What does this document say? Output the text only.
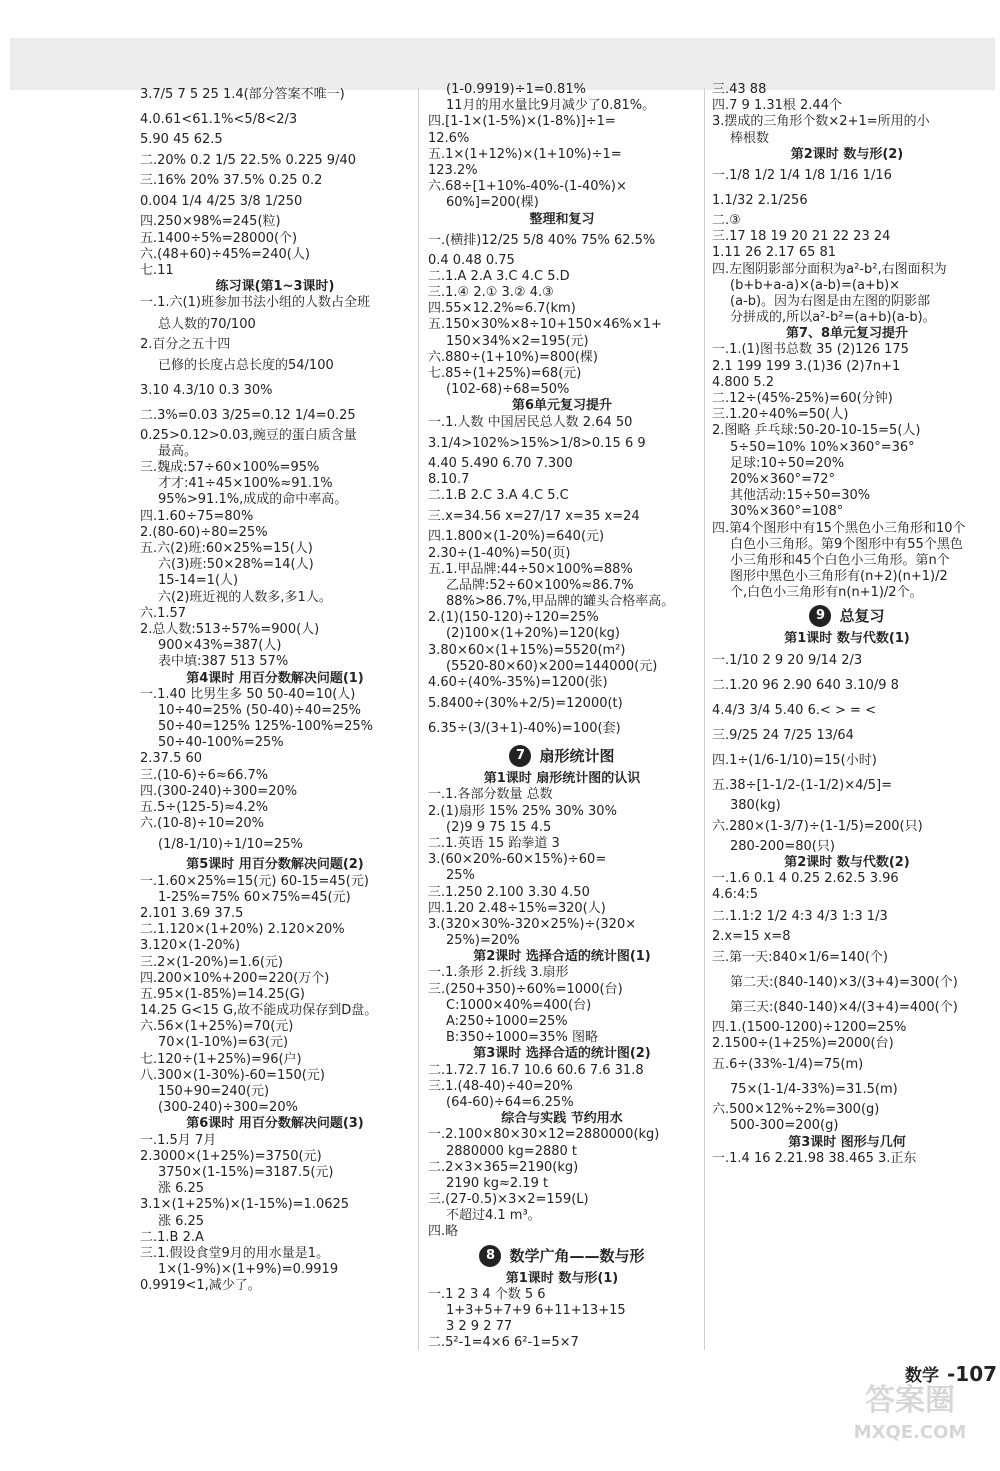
3.7/5 7 5 25 1.4(部分答案不唯一)
4.0.61<61.1%<5/8<2/3
5.90 45 62.5
二.20% 0.2 1/5 22.5% 0.225 9/40
三.16% 20% 37.5% 0.25 0.2
0.004 1/4 4/25 3/8 1/250
四.250×98%=245(粒)
五.1400÷5%=28000(个)
六.(48+60)÷45%=240(人)
七.11
练习课(第1~3课时)
一.1.六(1)班参加书法小组的人数占全班
总人数的70/100
2.百分之五十四
已修的长度占总长度的54/100
3.10 4.3/10 0.3 30%
二.3%=0.03 3/25=0.12 1/4=0.25
0.25>0.12>0.03,豌豆的蛋白质含量
最高。
三.魏成:57÷60×100%=95%
才才:41÷45×100%≈91.1%
95%>91.1%,成成的命中率高。
四.1.60÷75=80%
2.(80-60)÷80=25%
五.六(2)班:60×25%=15(人)
六(3)班:50×28%=14(人)
15-14=1(人)
六(2)班近视的人数多,多1人。
六.1.57
2.总人数:513÷57%=900(人)
900×43%=387(人)
表中填:387 513 57%
第4课时 用百分数解决问题(1)
一.1.40 比男生多 50 50-40=10(人)
10÷40=25% (50-40)÷40=25%
50÷40=125% 125%-100%=25%
50÷40-100%=25%
2.37.5 60
三.(10-6)÷6≈66.7%
四.(300-240)÷300=20%
五.5÷(125-5)≈4.2%
六.(10-8)÷10=20%
(1/8-1/10)÷1/10=25%
第5课时 用百分数解决问题(2)
一.1.60×25%=15(元) 60-15=45(元)
1-25%=75% 60×75%=45(元)
2.101 3.69 37.5
二.1.120×(1+20%) 2.120×20%
3.120×(1-20%)
三.2×(1-20%)=1.6(元)
四.200×10%+200=220(万个)
五.95×(1-85%)=14.25(G)
14.25 G<15 G,故不能成功保存到D盘。
六.56×(1+25%)=70(元)
70×(1-10%)=63(元)
七.120÷(1+25%)=96(户)
八.300×(1-30%)-60=150(元)
150+90=240(元)
(300-240)÷300=20%
第6课时 用百分数解决问题(3)
一.1.5月 7月
2.3000×(1+25%)=3750(元)
3750×(1-15%)=3187.5(元)
涨 6.25
3.1×(1+25%)×(1-15%)=1.0625
涨 6.25
二.1.B 2.A
三.1.假设食堂9月的用水量是1。
1×(1-9%)×(1+9%)=0.9919
0.9919<1,减少了。
(1-0.9919)÷1=0.81%
11月的用水量比9月减少了0.81%。
四.[1-1×(1-5%)×(1-8%)]÷1=
12.6%
五.1×(1+12%)×(1+10%)÷1=
123.2%
六.68÷[1+10%-40%-(1-40%)×
60%]=200(棵)
整理和复习
一.(横排)12/25 5/8 40% 75% 62.5%
0.4 0.48 0.75
二.1.A 2.A 3.C 4.C 5.D
三.1.④ 2.① 3.② 4.③
四.55×12.2%≈6.7(km)
五.150×30%×8÷10+150×46%×1+
150×34%×2=195(元)
六.880÷(1+10%)=800(棵)
七.85÷(1+25%)=68(元)
(102-68)÷68=50%
第6单元复习提升
一.1.人数 中国居民总人数 2.64 50
3.1/4>102%>15%>1/8>0.15 6 9
4.40 5.490 6.70 7.300
8.10.7
二.1.B 2.C 3.A 4.C 5.C
三.x=34.56 x=27/17 x=35 x=24
四.1.800×(1-20%)=640(元)
2.30÷(1-40%)=50(页)
五.1.甲品牌:44÷50×100%=88%
乙品牌:52÷60×100%≈86.7%
88%>86.7%,甲品牌的罐头合格率高。
2.(1)(150-120)÷120=25%
(2)100×(1+20%)=120(kg)
3.80×60×(1+15%)=5520(m²)
(5520-80×60)×200=144000(元)
4.60÷(40%-35%)=1200(张)
5.8400÷(30%+2/5)=12000(t)
6.35÷(3/(3+1)-40%)=100(套)
7 扇形统计图
第1课时 扇形统计图的认识
一.1.各部分数量 总数
2.(1)扇形 15% 25% 30% 30%
(2)9 9 75 15 4.5
二.1.英语 15 跆拳道 3
3.(60×20%-60×15%)÷60=
25%
三.1.250 2.100 3.30 4.50
四.1.20 2.48÷15%=320(人)
3.(320×30%-320×25%)÷(320×
25%)=20%
第2课时 选择合适的统计图(1)
一.1.条形 2.折线 3.扇形
三.(250+350)÷60%=1000(台)
C:1000×40%=400(台)
A:250÷1000=25%
B:350÷1000=35% 图略
第3课时 选择合适的统计图(2)
二.1.72.7 16.7 10.6 60.6 7.6 31.8
三.1.(48-40)÷40=20%
(64-60)÷64=6.25%
综合与实践 节约用水
一.2.100×80×30×12=2880000(kg)
2880000 kg=2880 t
二.2×3×365=2190(kg)
2190 kg≈2.19 t
三.(27-0.5)×3×2=159(L)
不超过4.1 m³。
四.略
8 数学广角——数与形
第1课时 数与形(1)
一.1 2 3 4 个数 5 6
1+3+5+7+9 6+11+13+15
3 2 9 2 77
二.5²-1=4×6 6²-1=5×7
三.43 88
四.7 9 1.31根 2.44个
3.摆成的三角形个数×2+1=所用的小
棒根数
第2课时 数与形(2)
一.1/8 1/2 1/4 1/8 1/16 1/16
1.1/32 2.1/256
二.③
三.17 18 19 20 21 22 23 24
1.11 26 2.17 65 81
四.左图阴影部分面积为a²-b²,右图面积为
(b+b+a-a)×(a-b)=(a+b)×
(a-b)。因为右图是由左图的阴影部
分拼成的,所以a²-b²=(a+b)(a-b)。
第7、8单元复习提升
一.1.(1)图书总数 35 (2)126 175
2.1 199 199 3.(1)36 (2)7n+1
4.800 5.2
二.12÷(45%-25%)=60(分钟)
三.1.20÷40%=50(人)
2.图略 乒乓球:50-20-10-15=5(人)
5÷50=10% 10%×360°=36°
足球:10÷50=20%
20%×360°=72°
其他活动:15÷50=30%
30%×360°=108°
四.第4个图形中有15个黑色小三角形和10个
白色小三角形。第9个图形中有55个黑色
小三角形和45个白色小三角形。第n个
图形中黑色小三角形有(n+2)(n+1)/2
个,白色小三角形有n(n+1)/2个。
9 总复习
第1课时 数与代数(1)
一.1/10 2 9 20 9/14 2/3
二.1.20 96 2.90 640 3.10/9 8
4.4/3 3/4 5.40 6.< > = <
三.9/25 24 7/25 13/64
四.1÷(1/6-1/10)=15(小时)
五.38÷[1-1/2-(1-1/2)×4/5]=
380(kg)
六.280×(1-3/7)÷(1-1/5)=200(只)
280-200=80(只)
第2课时 数与代数(2)
一.1.6 0.1 4 0.25 2.62.5 3.96
4.6:4:5
二.1.1:2 1/2 4:3 4/3 1:3 1/3
2.x=15 x=8
三.第一天:840×1/6=140(个)
第二天:(840-140)×3/(3+4)=300(个)
第三天:(840-140)×4/(3+4)=400(个)
四.1.(1500-1200)÷1200=25%
2.1500÷(1+25%)=2000(台)
五.6÷(33%-1/4)=75(m)
75×(1-1/4-33%)=31.5(m)
六.500×12%÷2%=300(g)
500-300=200(g)
第3课时 图形与几何
一.1.4 16 2.21.98 38.465 3.正东
数学 -107
答案圈
MXQE.COM
